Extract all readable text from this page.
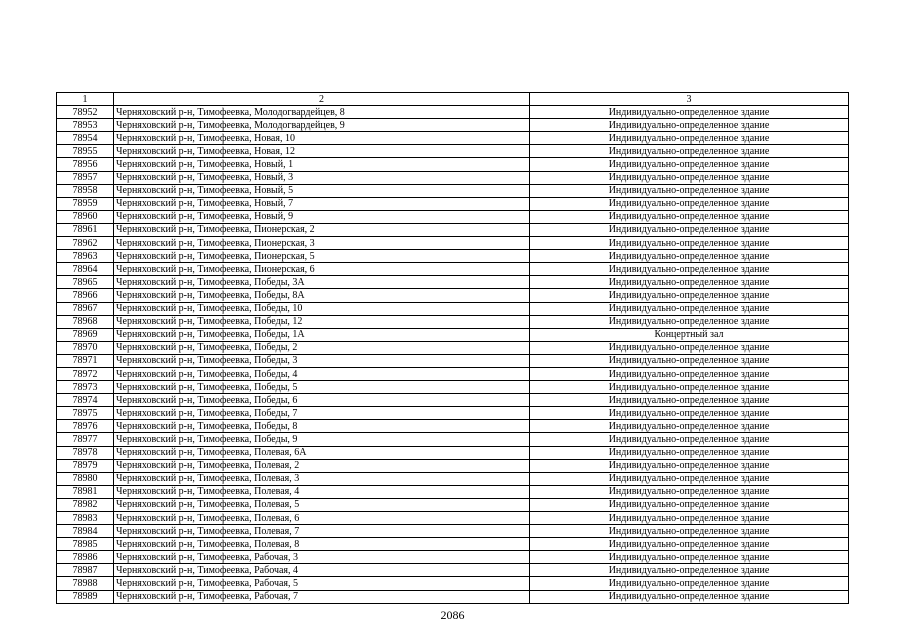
1	2	3
78952	Черняховский р-н, Тимофеевка, Молодогвардейцев, 8	Индивидуально-определенное здание
78953	Черняховский р-н, Тимофеевка, Молодогвардейцев, 9	Индивидуально-определенное здание
78954	Черняховский р-н, Тимофеевка, Новая, 10	Индивидуально-определенное здание
78955	Черняховский р-н, Тимофеевка, Новая, 12	Индивидуально-определенное здание
78956	Черняховский р-н, Тимофеевка, Новый, 1	Индивидуально-определенное здание
78957	Черняховский р-н, Тимофеевка, Новый, 3	Индивидуально-определенное здание
78958	Черняховский р-н, Тимофеевка, Новый, 5	Индивидуально-определенное здание
78959	Черняховский р-н, Тимофеевка, Новый, 7	Индивидуально-определенное здание
78960	Черняховский р-н, Тимофеевка, Новый, 9	Индивидуально-определенное здание
78961	Черняховский р-н, Тимофеевка, Пионерская, 2	Индивидуально-определенное здание
78962	Черняховский р-н, Тимофеевка, Пионерская, 3	Индивидуально-определенное здание
78963	Черняховский р-н, Тимофеевка, Пионерская, 5	Индивидуально-определенное здание
78964	Черняховский р-н, Тимофеевка, Пионерская, 6	Индивидуально-определенное здание
78965	Черняховский р-н, Тимофеевка, Победы, 3А	Индивидуально-определенное здание
78966	Черняховский р-н, Тимофеевка, Победы, 8А	Индивидуально-определенное здание
78967	Черняховский р-н, Тимофеевка, Победы, 10	Индивидуально-определенное здание
78968	Черняховский р-н, Тимофеевка, Победы, 12	Индивидуально-определенное здание
78969	Черняховский р-н, Тимофеевка, Победы, 1А	Концертный зал
78970	Черняховский р-н, Тимофеевка, Победы, 2	Индивидуально-определенное здание
78971	Черняховский р-н, Тимофеевка, Победы, 3	Индивидуально-определенное здание
78972	Черняховский р-н, Тимофеевка, Победы, 4	Индивидуально-определенное здание
78973	Черняховский р-н, Тимофеевка, Победы, 5	Индивидуально-определенное здание
78974	Черняховский р-н, Тимофеевка, Победы, 6	Индивидуально-определенное здание
78975	Черняховский р-н, Тимофеевка, Победы, 7	Индивидуально-определенное здание
78976	Черняховский р-н, Тимофеевка, Победы, 8	Индивидуально-определенное здание
78977	Черняховский р-н, Тимофеевка, Победы, 9	Индивидуально-определенное здание
78978	Черняховский р-н, Тимофеевка, Полевая, 6А	Индивидуально-определенное здание
78979	Черняховский р-н, Тимофеевка, Полевая, 2	Индивидуально-определенное здание
78980	Черняховский р-н, Тимофеевка, Полевая, 3	Индивидуально-определенное здание
78981	Черняховский р-н, Тимофеевка, Полевая, 4	Индивидуально-определенное здание
78982	Черняховский р-н, Тимофеевка, Полевая, 5	Индивидуально-определенное здание
78983	Черняховский р-н, Тимофеевка, Полевая, 6	Индивидуально-определенное здание
78984	Черняховский р-н, Тимофеевка, Полевая, 7	Индивидуально-определенное здание
78985	Черняховский р-н, Тимофеевка, Полевая, 8	Индивидуально-определенное здание
78986	Черняховский р-н, Тимофеевка, Рабочая, 3	Индивидуально-определенное здание
78987	Черняховский р-н, Тимофеевка, Рабочая, 4	Индивидуально-определенное здание
78988	Черняховский р-н, Тимофеевка, Рабочая, 5	Индивидуально-определенное здание
78989	Черняховский р-н, Тимофеевка, Рабочая, 7	Индивидуально-определенное здание
2086
